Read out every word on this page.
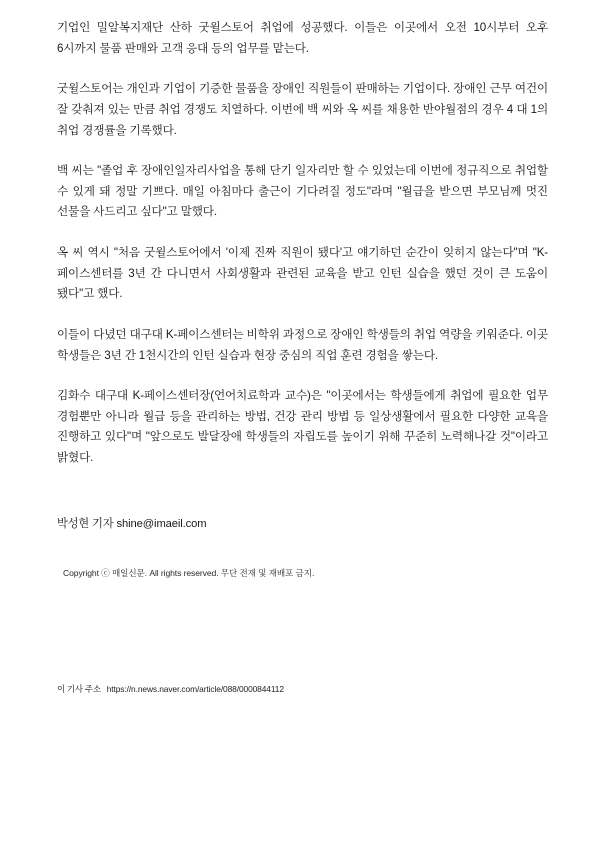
기업인 밀알복지재단 산하 굿윌스토어 취업에 성공했다. 이들은 이곳에서 오전 10시부터 오후 6시까지 물품 판매와 고객 응대 등의 업무를 맡는다.

굿윌스토어는 개인과 기업이 기증한 물품을 장애인 직원들이 판매하는 기업이다. 장애인 근무 여건이 잘 갖춰져 있는 만큼 취업 경쟁도 치열하다. 이번에 백 씨와 옥 씨를 채용한 반야월점의 경우 4 대 1의 취업 경쟁률을 기록했다.

백 씨는 "졸업 후 장애인일자리사업을 통해 단기 일자리만 할 수 있었는데 이번에 정규직으로 취업할 수 있게 돼 정말 기쁘다. 매일 아침마다 출근이 기다려질 정도"라며 "월급을 받으면 부모님께 멋진 선물을 사드리고 싶다"고 말했다.

옥 씨 역시 "처음 굿윌스토어에서 '이제 진짜 직원이 됐다'고 얘기하던 순간이 잊히지 않는다"며 "K-페이스센터를 3년 간 다니면서 사회생활과 관련된 교육을 받고 인턴 실습을 했던 것이 큰 도움이 됐다"고 했다.

이들이 다녔던 대구대 K-페이스센터는 비학위 과정으로 장애인 학생들의 취업 역량을 키워준다. 이곳 학생들은 3년 간 1천시간의 인턴 실습과 현장 중심의 직업 훈련 경험을 쌓는다.

김화수 대구대 K-페이스센터장(언어치료학과 교수)은 "이곳에서는 학생들에게 취업에 필요한 업무 경험뿐만 아니라 월급 등을 관리하는 방법, 건강 관리 방법 등 일상생활에서 필요한 다양한 교육을 진행하고 있다"며 "앞으로도 발달장애 학생들의 자립도를 높이기 위해 꾸준히 노력해나갈 것"이라고 밝혔다.

박성현 기자 shine@imaeil.com
Copyright ⓒ 매일신문. All rights reserved. 무단 전재 및 재배포 금지.
이 기사 주소 https://n.news.naver.com/article/088/0000844112
